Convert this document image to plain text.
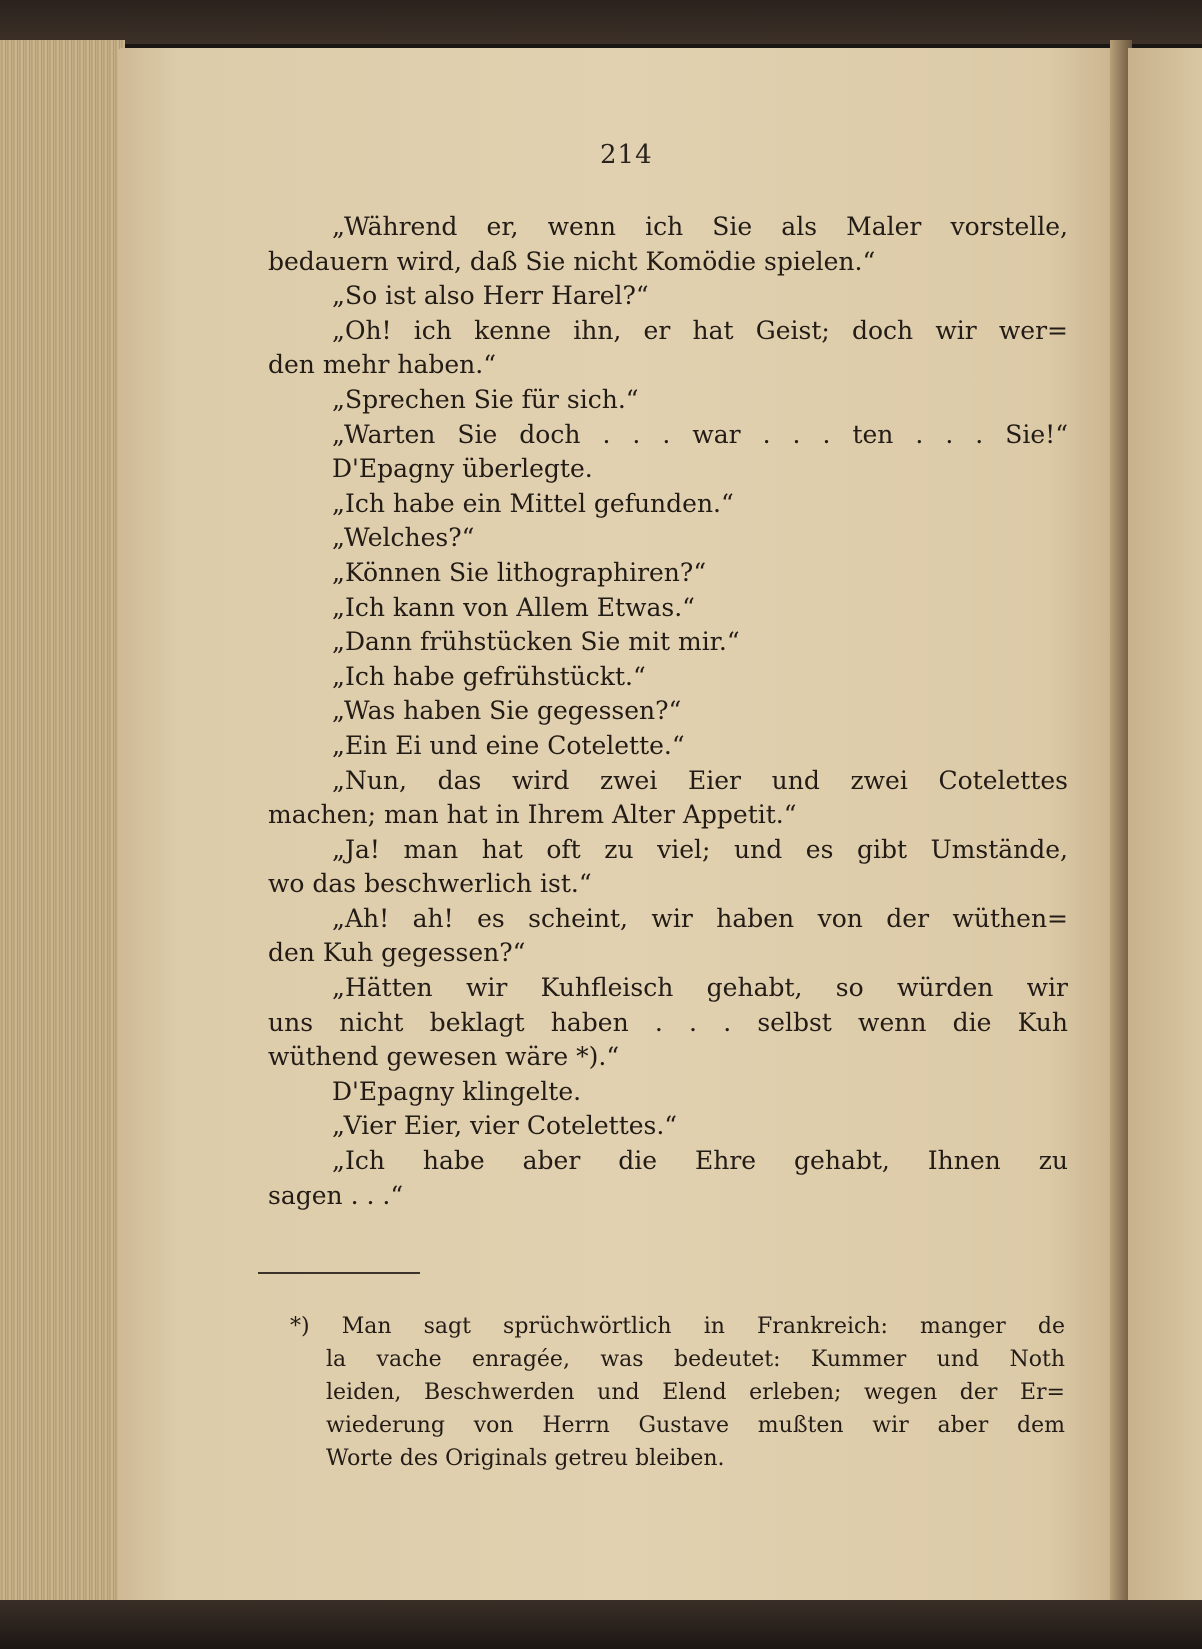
214
„Während er, wenn ich Sie als Maler vorstelle,
bedauern wird, daß Sie nicht Komödie spielen.“
„So ist also Herr Harel?“
„Oh! ich kenne ihn, er hat Geist; doch wir wer=
den mehr haben.“
„Sprechen Sie für sich.“
„Warten Sie doch . . . war . . . ten . . . Sie!“
D'Epagny überlegte.
„Ich habe ein Mittel gefunden.“
„Welches?“
„Können Sie lithographiren?“
„Ich kann von Allem Etwas.“
„Dann frühstücken Sie mit mir.“
„Ich habe gefrühstückt.“
„Was haben Sie gegessen?“
„Ein Ei und eine Cotelette.“
„Nun, das wird zwei Eier und zwei Cotelettes
machen; man hat in Ihrem Alter Appetit.“
„Ja! man hat oft zu viel; und es gibt Umstände,
wo das beschwerlich ist.“
„Ah! ah! es scheint, wir haben von der wüthen=
den Kuh gegessen?“
„Hätten wir Kuhfleisch gehabt, so würden wir
uns nicht beklagt haben . . . selbst wenn die Kuh
wüthend gewesen wäre *).“
D'Epagny klingelte.
„Vier Eier, vier Cotelettes.“
„Ich habe aber die Ehre gehabt, Ihnen zu
sagen . . .“
*) Man sagt sprüchwörtlich in Frankreich: manger de
la vache enragée, was bedeutet: Kummer und Noth
leiden, Beschwerden und Elend erleben; wegen der Er=
wiederung von Herrn Gustave mußten wir aber dem
Worte des Originals getreu bleiben.
